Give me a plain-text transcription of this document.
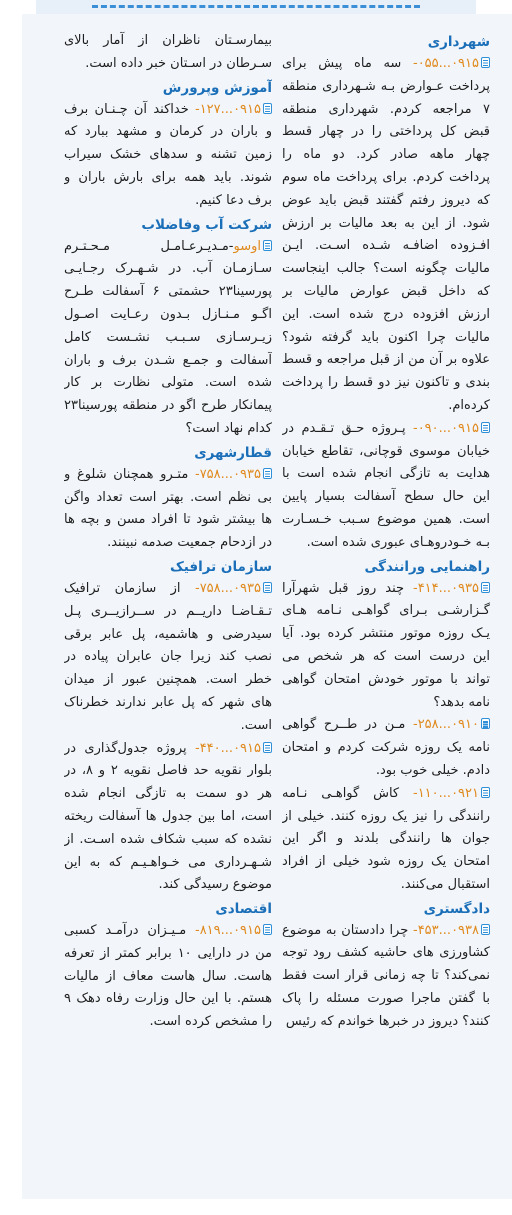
شهرداری

۰۹۱۵...۰۵۵- سه ماه پیش برای پرداخت عـوارض بـه شـهرداری منطقه ۷ مراجعه کردم. شهرداری منطقه قبض کل پرداختی را در چهار قسط چهار ماهه صادر کرد. دو ماه را پرداخت کردم. برای پرداخت ماه سوم که دیروز رفتم گفتند قبض باید عوض شود. از این به بعد مالیات بر ارزش افـزوده اضافـه شـده اسـت. ایـن مالیات چگونه است؟ جالب اینجاست که داخل قبض عوارض مالیات بر ارزش افزوده درج شده است. این مالیات چرا اکنون باید گرفته شود؟ علاوه بر آن من از قبل مراجعه و قسط بندی و تاکنون نیز دو قسط را پرداخت کرده‌ام.

۰۹۱۵...۰۹۰- پـروژه حـق تـقـدم در خیابان موسوی قوچانی، تقاطع خیابان هدایت به تازگی انجام شده است با این حال سطح آسفالت بسیار پایین است. همین موضوع سـبب خـسـارت بـه خـودروهـای عبوری شده است.

راهنمایی ورانندگی

۰۹۳۵...۴۱۴- چند روز قبل شهرآرا گـزارشـی بـرای گواهـی نـامه هـای یـک روزه موتور منتشر کرده بود. آیا این درست است که هر شخص می تواند با موتور خودش امتحان گواهی نامه بدهد؟

۰۹۱۰...۲۵۸- مـن در طــرح گواهی نامه یک روزه شرکت کردم و امتحان دادم. خیلی خوب بود.

۰۹۲۱...۱۱۰- کاش گواهـی نـامه رانندگی را نیز یک روزه کنند. خیلی از جوان ها رانندگی بلدند و اگر این امتحان یک روزه شود خیلی از افراد استقبال می‌کنند.

دادگستری

۰۹۳۸...۴۵۳- چرا دادستان به موضوع کشاورزی های حاشیه کشف رود توجه نمی‌کند؟ تا چه زمانی قرار است فقط با گفتن ماجرا صورت مسئله را پاک کنند؟ دیروز در خبرها خواندم که رئیس

بیمارسـتان ناظران از آمار بالای سـرطان در اسـتان خبر داده است.

آموزش وپرورش

۰۹۱۵...۱۲۷- خداکند آن چـنـان برف و باران در کرمان و مشهد ببارد که زمین تشنه و سدهای خشک سیراب شوند. باید همه برای بارش باران و برف دعا کنیم.

شرکت آب وفاضلاب

اوسو-مـدیـرعـامـل مـحـتـرم سـازمـان آب. در شـهـرک رجـایـی پورسینا۲۳ حشمتی ۶ آسفالت طـرح اگـو مـنـازل بـدون رعـایت اصـول زیـرسـازی سـبـب نشـست کامل آسفالت و جمـع شـدن برف و باران شده است. متولی نظارت بر کار پیمانکار طرح اگو در منطقه پورسینا۲۳ کدام نهاد است؟

قطارشهری

۰۹۳۵...۷۵۸- متـرو همچنان شلوغ و بی نظم است. بهتر است تعداد واگن ها بیشتر شود تا افراد مسن و بچه ها در ازدحام جمعیت صدمه نبینند.

سازمان ترافیک

۰۹۳۵...۷۵۸- از سازمان ترافیک تـقـاضـا داریــم در ســرازیــری پـل سیدرضی و هاشمیه، پل عابر برقی نصب کند زیرا جان عابران پیاده در خطر است. همچنین عبور از میدان های شهر که پل عابر ندارند خطرناک است.

۰۹۱۵...۴۴۰- پروژه جدول‌گذاری در بلوار نقویه حد فاصل نقویه ۲ و ۸، در هر دو سمت به تازگی انجام شده است، اما بین جدول ها آسفالت ریخته نشده که سبب شکاف شده اسـت. از شـهـرداری می خـواهـیـم که به این موضوع رسیدگی کند.

اقتصادی

۰۹۱۵...۸۱۹- مـیـزان درآمـد کسبی من در دارایی ۱۰ برابر کمتر از تعرفه هاست. سال هاست معاف از مالیات هستم. با این حال وزارت رفاه دهک ۹ را مشخص کرده است.
